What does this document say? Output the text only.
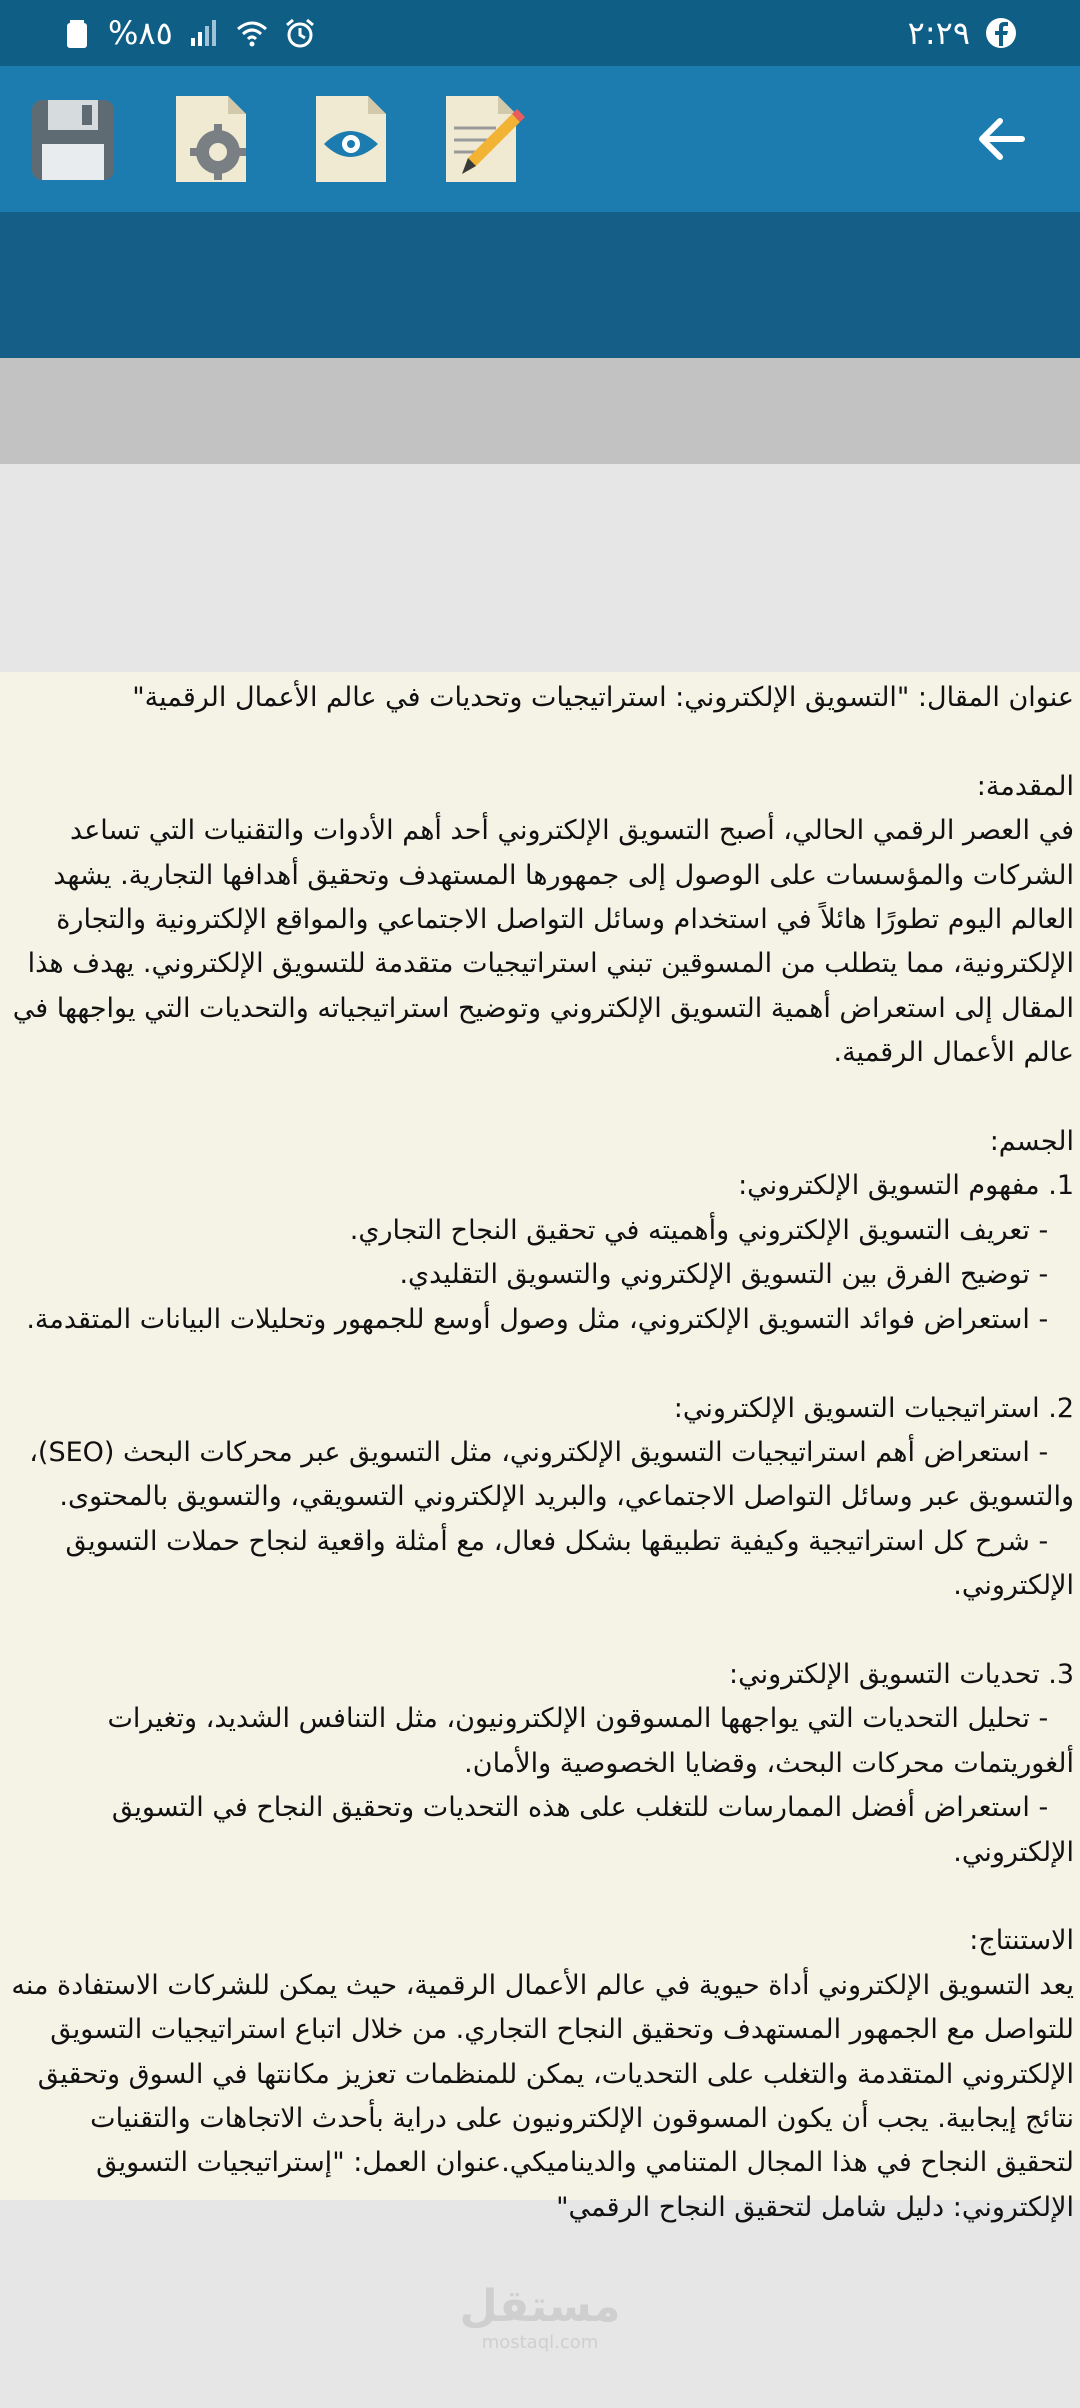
%٨٥	٢:٢٩

عنوان المقال: "التسويق الإلكتروني: استراتيجيات وتحديات في عالم الأعمال الرقمية"

المقدمة:
في العصر الرقمي الحالي، أصبح التسويق الإلكتروني أحد أهم الأدوات والتقنيات التي تساعد الشركات والمؤسسات على الوصول إلى جمهورها المستهدف وتحقيق أهدافها التجارية. يشهد العالم اليوم تطورًا هائلاً في استخدام وسائل التواصل الاجتماعي والمواقع الإلكترونية والتجارة الإلكترونية، مما يتطلب من المسوقين تبني استراتيجيات متقدمة للتسويق الإلكتروني. يهدف هذا المقال إلى استعراض أهمية التسويق الإلكتروني وتوضيح استراتيجياته والتحديات التي يواجهها في عالم الأعمال الرقمية.

الجسم:
1. مفهوم التسويق الإلكتروني:
- تعريف التسويق الإلكتروني وأهميته في تحقيق النجاح التجاري.
- توضيح الفرق بين التسويق الإلكتروني والتسويق التقليدي.
- استعراض فوائد التسويق الإلكتروني، مثل وصول أوسع للجمهور وتحليلات البيانات المتقدمة.

2. استراتيجيات التسويق الإلكتروني:
- استعراض أهم استراتيجيات التسويق الإلكتروني، مثل التسويق عبر محركات البحث (SEO)، والتسويق عبر وسائل التواصل الاجتماعي، والبريد الإلكتروني التسويقي، والتسويق بالمحتوى.
- شرح كل استراتيجية وكيفية تطبيقها بشكل فعال، مع أمثلة واقعية لنجاح حملات التسويق الإلكتروني.

3. تحديات التسويق الإلكتروني:
- تحليل التحديات التي يواجهها المسوقون الإلكترونيون، مثل التنافس الشديد، وتغيرات ألغوريتمات محركات البحث، وقضايا الخصوصية والأمان.
- استعراض أفضل الممارسات للتغلب على هذه التحديات وتحقيق النجاح في التسويق الإلكتروني.

الاستنتاج:
يعد التسويق الإلكتروني أداة حيوية في عالم الأعمال الرقمية، حيث يمكن للشركات الاستفادة منه للتواصل مع الجمهور المستهدف وتحقيق النجاح التجاري. من خلال اتباع استراتيجيات التسويق الإلكتروني المتقدمة والتغلب على التحديات، يمكن للمنظمات تعزيز مكانتها في السوق وتحقيق نتائج إيجابية. يجب أن يكون المسوقون الإلكترونيون على دراية بأحدث الاتجاهات والتقنيات لتحقيق النجاح في هذا المجال المتنامي والديناميكي.عنوان العمل: "إستراتيجيات التسويق الإلكتروني: دليل شامل لتحقيق النجاح الرقمي"

مستقل
mostaql.com
